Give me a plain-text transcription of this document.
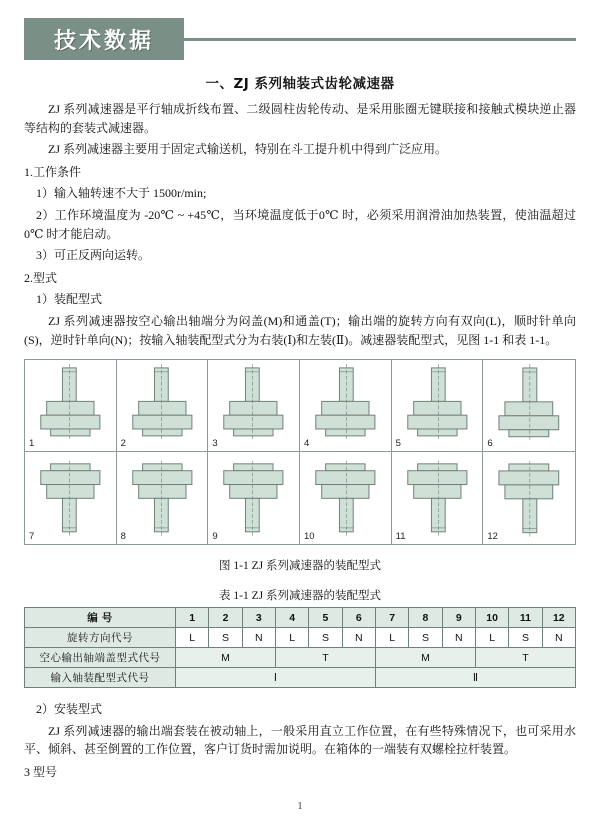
技术数据
一、ZJ 系列轴装式齿轮减速器

ZJ 系列减速器是平行轴成折线布置、二级圆柱齿轮传动、是采用胀圈无键联接和接触式模块逆止器等结构的套装式减速器。

ZJ 系列减速器主要用于固定式输送机，特别在斗工提升机中得到广泛应用。

1.工作条件

1）输入轴转速不大于 1500r/min;

2）工作环境温度为 -20℃ ~ +45℃，当环境温度低于0℃ 时，必须采用润滑油加热装置，使油温超过0℃ 时才能启动。

3）可正反两向运转。

2.型式

1）装配型式

ZJ 系列减速器按空心输出轴端分为闷盖(M)和通盖(T)；输出端的旋转方向有双向(L)，顺时针单向(S)，逆时针单向(N)；按输入轴装配型式分为右装(Ⅰ)和左装(Ⅱ)。减速器装配型式，见图 1-1 和表 1-1。

1	2	3	4	5	6
7	8	9	10	11	12
图 1-1 ZJ 系列减速器的装配型式
表 1-1 ZJ 系列减速器的装配型式
编 号	1	2	3	4	5	6	7	8	9	10	11	12
旋转方向代号	L	S	N	L	S	N	L	S	N	L	S	N
空心输出轴端盖型式代号	M			T			M			T		
输入轴装配型式代号	Ⅰ						Ⅱ					

2）安装型式

ZJ 系列减速器的输出端套装在被动轴上，一般采用直立工作位置，在有些特殊情况下，也可采用水平、倾斜、甚至倒置的工作位置，客户订货时需加说明。在箱体的一端装有双螺栓拉杆装置。

3 型号

1
